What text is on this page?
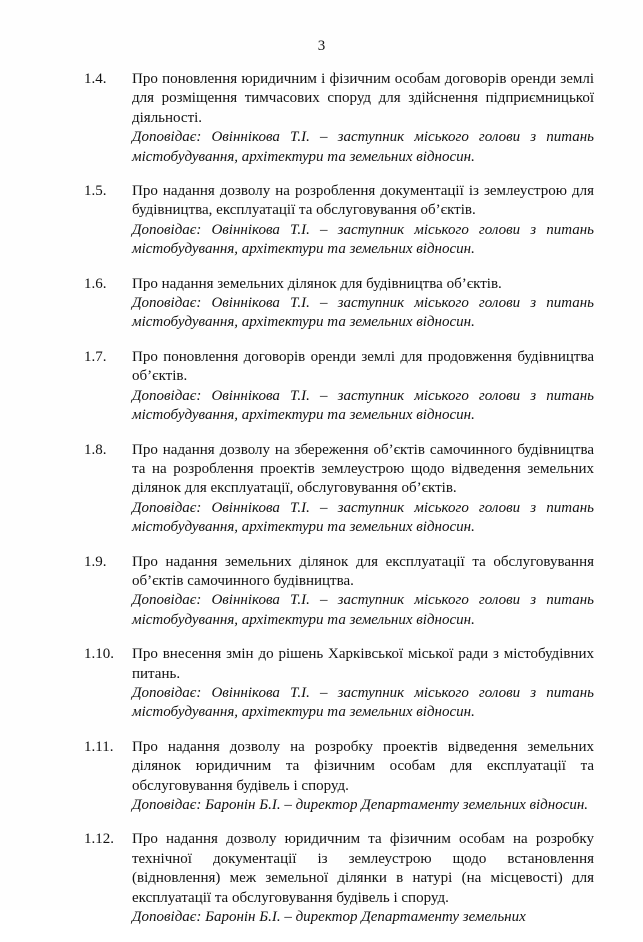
3
1.4.	Про поновлення юридичним і фізичним особам договорів оренди землі для розміщення тимчасових споруд для здійснення підприємницької діяльності.

Доповідає: Овіннікова Т.І. – заступник міського голови з питань містобудування, архітектури та земельних відносин.

1.5.	Про надання дозволу на розроблення документації із землеустрою для будівництва, експлуатації та обслуговування об’єктів.

Доповідає: Овіннікова Т.І. – заступник міського голови з питань містобудування, архітектури та земельних відносин.

1.6.	Про надання земельних ділянок для будівництва об’єктів.

Доповідає: Овіннікова Т.І. – заступник міського голови з питань містобудування, архітектури та земельних відносин.

1.7.	Про поновлення договорів оренди землі для продовження будівництва об’єктів.

Доповідає: Овіннікова Т.І. – заступник міського голови з питань містобудування, архітектури та земельних відносин.

1.8.	Про надання дозволу на збереження об’єктів самочинного будівництва та на розроблення проектів землеустрою щодо відведення земельних ділянок для експлуатації, обслуговування об’єктів.

Доповідає: Овіннікова Т.І. – заступник міського голови з питань містобудування, архітектури та земельних відносин.

1.9.	Про надання земельних ділянок для експлуатації та обслуговування об’єктів самочинного будівництва.

Доповідає: Овіннікова Т.І. – заступник міського голови з питань містобудування, архітектури та земельних відносин.

1.10.	Про внесення змін до рішень Харківської міської ради з містобудівних питань.

Доповідає: Овіннікова Т.І. – заступник міського голови з питань містобудування, архітектури та земельних відносин.

1.11.	Про надання дозволу на розробку проектів відведення земельних ділянок юридичним та фізичним особам для експлуатації та обслуговування будівель і споруд.

Доповідає: Баронін Б.І. – директор Департаменту земельних відносин.

1.12.	Про надання дозволу юридичним та фізичним особам на розробку технічної документації із землеустрою щодо встановлення (відновлення) меж земельної ділянки в натурі (на місцевості) для експлуатації та обслуговування будівель і споруд.

Доповідає: Баронін Б.І. – директор Департаменту земельних
